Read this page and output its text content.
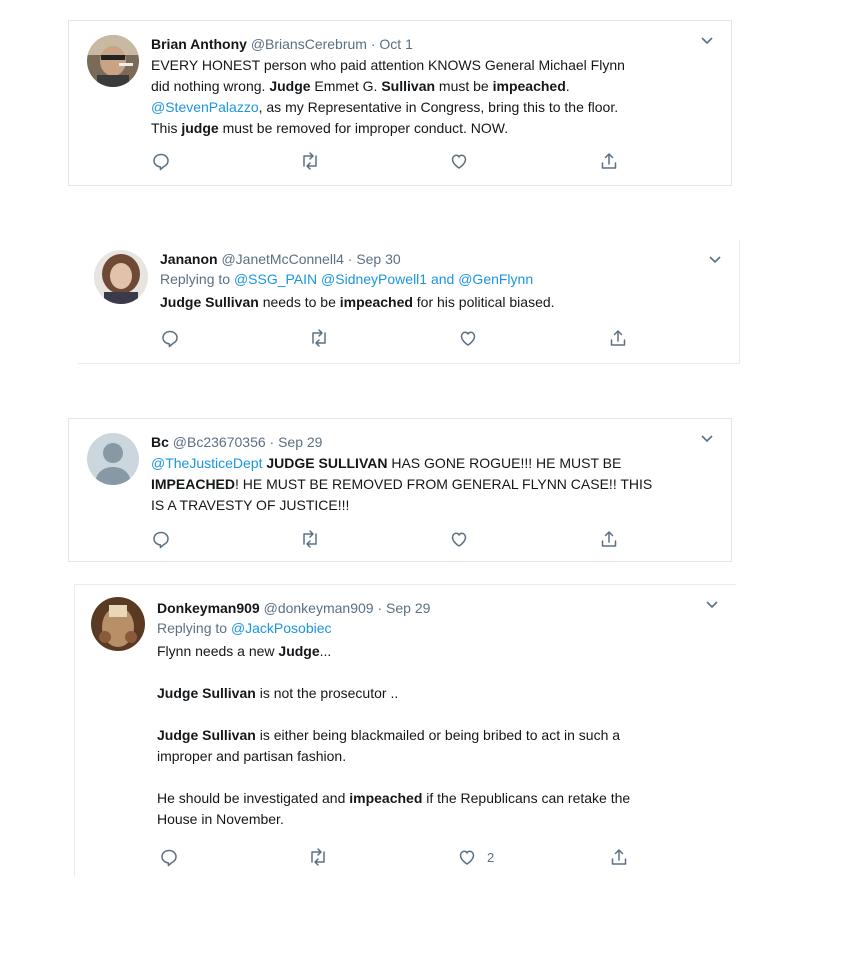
Brian Anthony @BriansCerebrum · Oct 1

EVERY HONEST person who paid attention KNOWS General Michael Flynn

did nothing wrong. Judge Emmet G. Sullivan must be impeached.

@StevenPalazzo, as my Representative in Congress, bring this to the floor.

This judge must be removed for improper conduct. NOW.

Jananon @JanetMcConnell4 · Sep 30
Replying to @SSG_PAIN @SidneyPowell1 and @GenFlynn

Judge Sullivan needs to be impeached for his political biased.

Bc @Bc23670356 · Sep 29

@TheJusticeDept JUDGE SULLIVAN HAS GONE ROGUE!!! HE MUST BE

IMPEACHED! HE MUST BE REMOVED FROM GENERAL FLYNN CASE!! THIS

IS A TRAVESTY OF JUSTICE!!!

Donkeyman909 @donkeyman909 · Sep 29
Replying to @JackPosobiec

Flynn needs a new Judge...

Judge Sullivan is not the prosecutor ..

Judge Sullivan is either being blackmailed or being bribed to act in such a

improper and partisan fashion.

He should be investigated and impeached if the Republicans can retake the

House in November.

2
